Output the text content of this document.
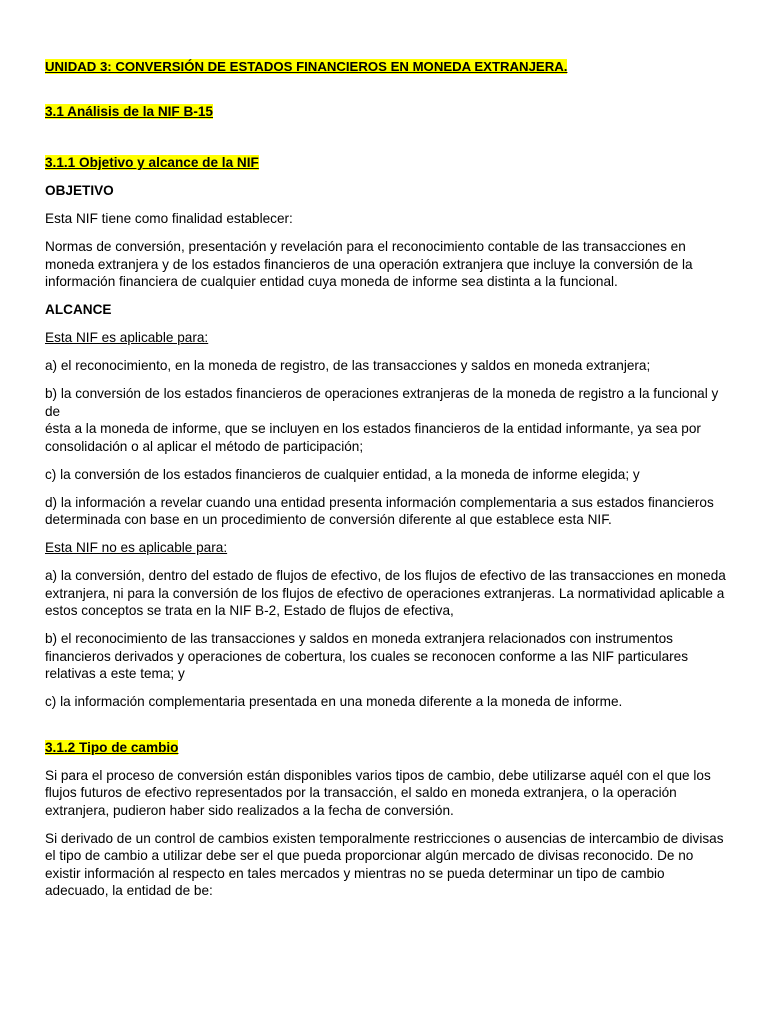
UNIDAD 3: CONVERSIÓN DE ESTADOS FINANCIEROS EN MONEDA EXTRANJERA.

3.1 Análisis de la NIF B-15

3.1.1 Objetivo y alcance de la NIF

OBJETIVO
Esta NIF tiene como finalidad establecer:
Normas de conversión, presentación y revelación para el reconocimiento contable de las transacciones en moneda extranjera y de los estados financieros de una operación extranjera que incluye la conversión de la información financiera de cualquier entidad cuya moneda de informe sea distinta a la funcional.
ALCANCE
Esta NIF es aplicable para:
a) el reconocimiento, en la moneda de registro, de las transacciones y saldos en moneda extranjera;
b) la conversión de los estados financieros de operaciones extranjeras de la moneda de registro a la funcional y de
ésta a la moneda de informe, que se incluyen en los estados financieros de la entidad informante, ya sea por
consolidación o al aplicar el método de participación;
c) la conversión de los estados financieros de cualquier entidad, a la moneda de informe elegida; y
d) la información a revelar cuando una entidad presenta información complementaria a sus estados financieros
determinada con base en un procedimiento de conversión diferente al que establece esta NIF.
Esta NIF no es aplicable para:
a) la conversión, dentro del estado de flujos de efectivo, de los flujos de efectivo de las transacciones en moneda extranjera, ni para la conversión de los flujos de efectivo de operaciones extranjeras. La normatividad aplicable a estos conceptos se trata en la NIF B-2, Estado de flujos de efectiva,
b) el reconocimiento de las transacciones y saldos en moneda extranjera relacionados con instrumentos financieros derivados y operaciones de cobertura, los cuales se reconocen conforme a las NIF particulares relativas a este tema; y
c) la información complementaria presentada en una moneda diferente a la moneda de informe.

3.1.2 Tipo de cambio

Si para el proceso de conversión están disponibles varios tipos de cambio, debe utilizarse aquél con el que los flujos futuros de efectivo representados por la transacción, el saldo en moneda extranjera, o la operación extranjera, pudieron haber sido realizados a la fecha de conversión.
Si derivado de un control de cambios existen temporalmente restricciones o ausencias de intercambio de divisas el tipo de cambio a utilizar debe ser el que pueda proporcionar algún mercado de divisas reconocido. De no existir información al respecto en tales mercados y mientras no se pueda determinar un tipo de cambio adecuado, la entidad de be:
